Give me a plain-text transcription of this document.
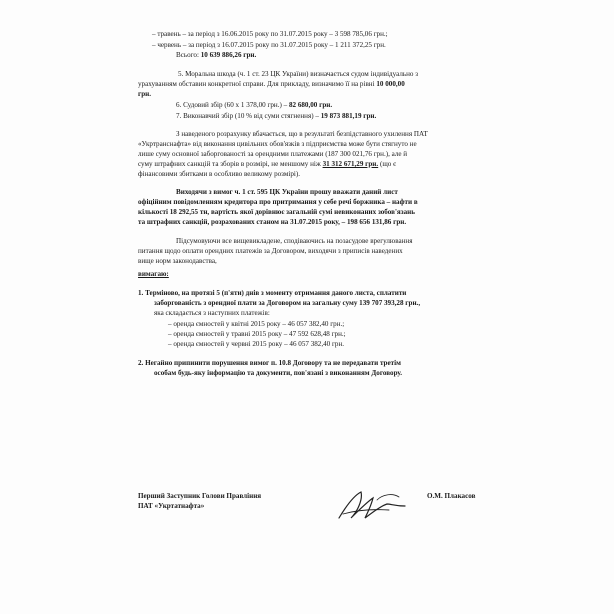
– травень – за період з 16.06.2015 року по 31.07.2015 року – 3 598 785,06 грн.;
– червень – за період з 16.07.2015 року по 31.07.2015 року – 1 211 372,25 грн.
Всього: 10 639 886,26 грн.
5. Моральна шкода (ч. 1 ст. 23 ЦК України) визначається судом індивідуально з
урахуванням обставин конкретної справи. Для прикладу, визначимо її на рівні 10 000,00
грн.
6. Судовий збір (60 х 1 378,00 грн.) – 82 680,00 грн.
7. Виконавчий збір (10 % від суми стягнення) – 19 873 881,19 грн.
З наведеного розрахунку вбачається, що в результаті безпідставного ухилення ПАТ
«Укртранснафта» від виконання цивільних обов'язків з підприємства може бути стягнуто не
лише суму основної заборгованості за орендними платежами (187 300 021,76 грн.), але й
суму штрафних санкцій та зборів в розмірі, не меншому ніж 31 312 671,29 грн. (що є
фінансовими збитками в особливо великому розмірі).
Виходячи з вимог ч. 1 ст. 595 ЦК України прошу вважати даний лист
офіційним повідомленням кредитора про притримання у себе речі боржника – нафти в
кількості 18 292,55 тн, вартість якої дорівнює загальній сумі невиконаних зобов'язань
та штрафних санкцій, розрахованих станом на 31.07.2015 року, – 198 656 131,86 грн.
Підсумовуючи все вищевикладене, сподіваючись на позасудове врегулювання
питання щодо оплати орендних платежів за Договором, виходячи з приписів наведених
вище норм законодавства,
вимагаю:
1. Терміново, на протязі 5 (п'яти) днів з моменту отримання даного листа, сплатити
заборгованість з орендної плати за Договором на загальну суму 139 707 393,28 грн.,
яка складається з наступних платежів:
– оренда ємностей у квітні 2015 року – 46 057 382,40 грн.;
– оренда ємностей у травні 2015 року – 47 592 628,48 грн.;
– оренда ємностей у червні 2015 року – 46 057 382,40 грн.
2. Негайно припинити порушення вимог п. 10.8 Договору та не передавати третім
особам будь-яку інформацію та документи, пов'язані з виконанням Договору.
Перший Заступник Голови Правління
ПАТ «Укртатнафта»
О.М. Плакасов
